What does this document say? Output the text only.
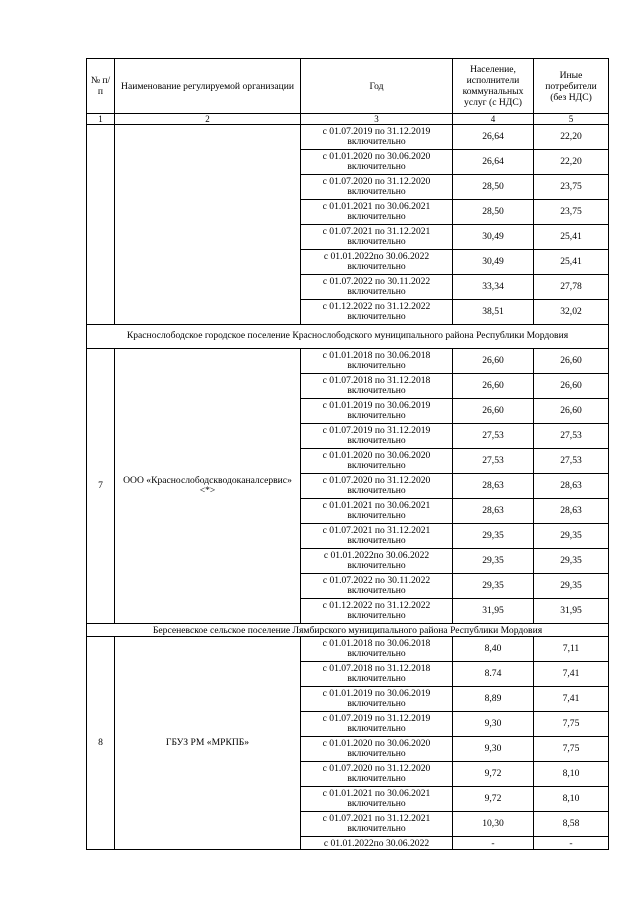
№ п/п	Наименование регулируемой организации	Год	Население, исполнители коммунальных услуг (с НДС)	Иные потребители (без НДС)
1	2	3	4	5
		с 01.07.2019 по 31.12.2019 включительно	26,64	22,20
		с 01.01.2020 по 30.06.2020 включительно	26,64	22,20
		с 01.07.2020 по 31.12.2020 включительно	28,50	23,75
		с 01.01.2021 по 30.06.2021 включительно	28,50	23,75
		с 01.07.2021 по 31.12.2021 включительно	30,49	25,41
		с 01.01.2022по 30.06.2022 включительно	30,49	25,41
		с 01.07.2022 по 30.11.2022 включительно	33,34	27,78
		с 01.12.2022 по 31.12.2022 включительно	38,51	32,02
Краснослободское городское поселение Краснослободского муниципального района Республики Мордовия				
7	ООО «Краснослободскводоканалсервис» <*>	с 01.01.2018 по 30.06.2018 включительно	26,60	26,60
		с 01.07.2018 по 31.12.2018 включительно	26,60	26,60
		с 01.01.2019 по 30.06.2019 включительно	26,60	26,60
		с 01.07.2019 по 31.12.2019 включительно	27,53	27,53
		с 01.01.2020 по 30.06.2020 включительно	27,53	27,53
		с 01.07.2020 по 31.12.2020 включительно	28,63	28,63
		с 01.01.2021 по 30.06.2021 включительно	28,63	28,63
		с 01.07.2021 по 31.12.2021 включительно	29,35	29,35
		с 01.01.2022по 30.06.2022 включительно	29,35	29,35
		с 01.07.2022 по 30.11.2022 включительно	29,35	29,35
		с 01.12.2022 по 31.12.2022 включительно	31,95	31,95
Берсеневское сельское поселение Лямбирского муниципального района Республики Мордовия				
8	ГБУЗ РМ «МРКПБ»	с 01.01.2018 по 30.06.2018 включительно	8,40	7,11
		с 01.07.2018 по 31.12.2018 включительно	8.74	7,41
		с 01.01.2019 по 30.06.2019 включительно	8,89	7,41
		с 01.07.2019 по 31.12.2019 включительно	9,30	7,75
		с 01.01.2020 по 30.06.2020 включительно	9,30	7,75
		с 01.07.2020 по 31.12.2020 включительно	9,72	8,10
		с 01.01.2021 по 30.06.2021 включительно	9,72	8,10
		с 01.07.2021 по 31.12.2021 включительно	10,30	8,58
		с 01.01.2022по 30.06.2022	-	-
